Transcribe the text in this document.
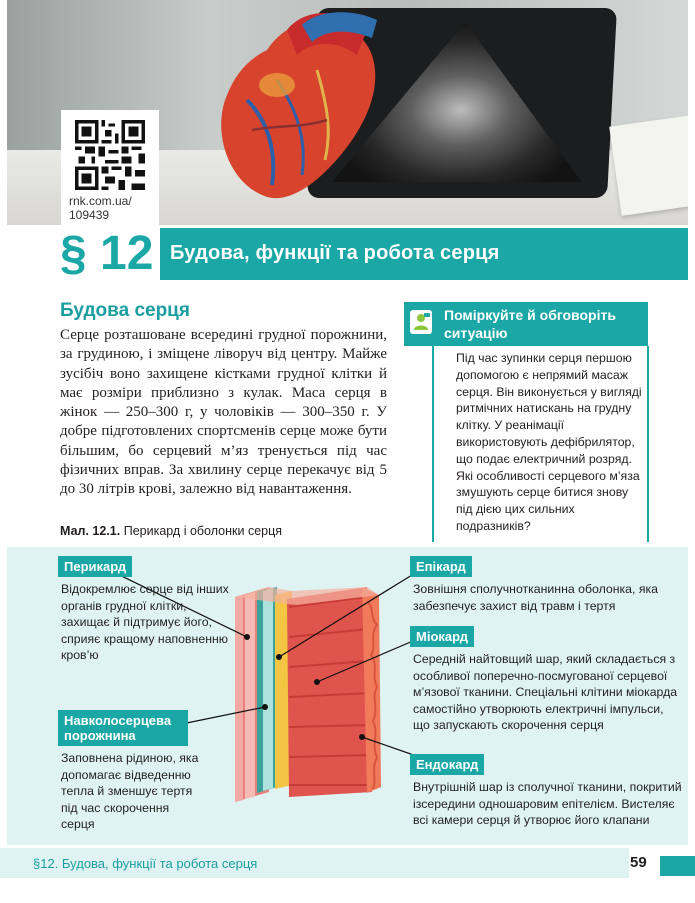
rnk.com.ua/ 109439
§ 12 Будова, функції та робота серця
Будова серця
Серце розташоване всередині грудної порожнини, за грудиною, і зміщене ліворуч від центру. Майже зусібіч воно захищене кістками грудної клітки й має розміри приблизно з кулак. Маса серця в жінок — 250–300 г, у чоловіків — 300–350 г. У добре підготовлених спортсменів серце може бути більшим, бо серцевий м’яз тренується під час фізичних вправ. За хвилину серце перекачує від 5 до 30 літрів крові, залежно від навантаження.
Мал. 12.1. Перикард і оболонки серця
Поміркуйте й обговоріть ситуацію
Під час зупинки серця першою допомогою є непрямий масаж серця. Він виконується у вигляді ритмічних натискань на грудну клітку. У реанімації використовують дефібрилятор, що подає електричний розряд. Які особливості серцевого м’яза змушують серце битися знову під дією цих сильних подразників?
Перикард
Відокремлює серце від інших органів грудної клітки, захищає й підтримує його, сприяє кращому наповненню кров’ю
Навколосерцева порожнина
Заповнена рідиною, яка допомагає відведенню тепла й зменшує тертя під час скорочення серця
Епікард
Зовнішня сполучнотканинна оболонка, яка забезпечує захист від травм і тертя
Міокард
Середній найтовщий шар, який складається з особливої поперечно-посмугованої серцевої м’язової тканини. Спеціальні клітини міокарда самостійно утворюють електричні імпульси, що запускають скорочення серця
Ендокард
Внутрішній шар із сполучної тканини, покритий ізсередини одношаровим епітелієм. Вистеляє всі камери серця й утворює його клапани
§12. Будова, функції та робота серця	59
